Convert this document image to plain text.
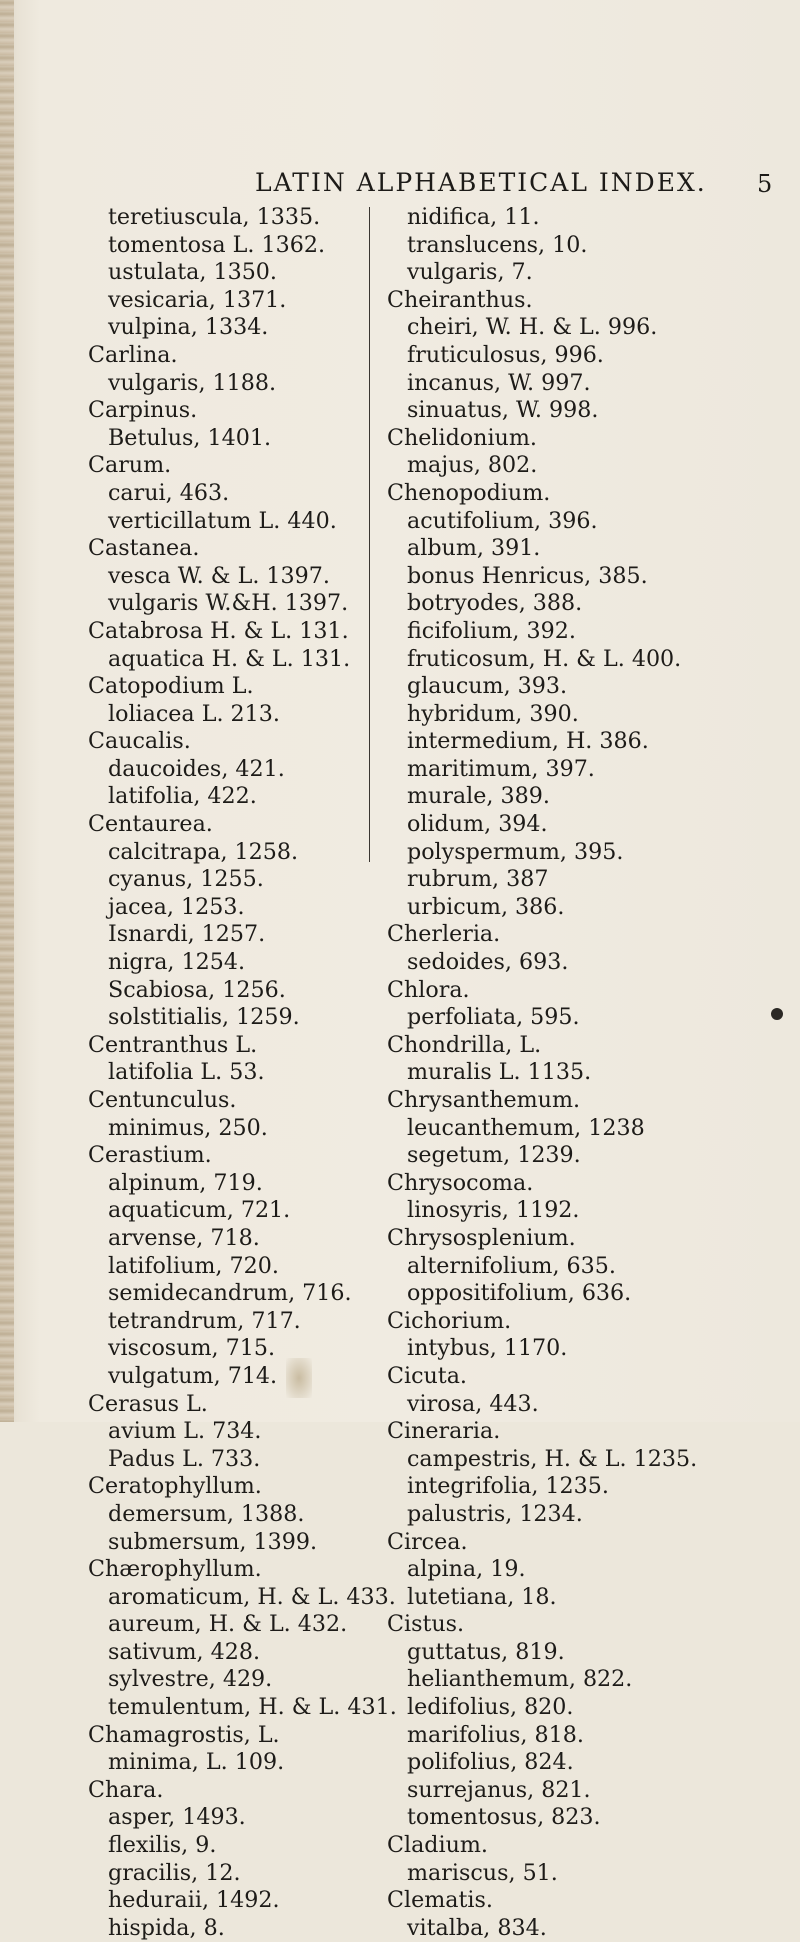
LATIN ALPHABETICAL INDEX. 5
teretiuscula, 1335.
tomentosa L. 1362.
ustulata, 1350.
vesicaria, 1371.
vulpina, 1334.
Carlina.
vulgaris, 1188.
Carpinus.
Betulus, 1401.
Carum.
carui, 463.
verticillatum L. 440.
Castanea.
vesca W. & L. 1397.
vulgaris W.&H. 1397.
Catabrosa H. & L. 131.
aquatica H. & L. 131.
Catopodium L.
loliacea L. 213.
Caucalis.
daucoides, 421.
latifolia, 422.
Centaurea.
calcitrapa, 1258.
cyanus, 1255.
jacea, 1253.
Isnardi, 1257.
nigra, 1254.
Scabiosa, 1256.
solstitialis, 1259.
Centranthus L.
latifolia L. 53.
Centunculus.
minimus, 250.
Cerastium.
alpinum, 719.
aquaticum, 721.
arvense, 718.
latifolium, 720.
semidecandrum, 716.
tetrandrum, 717.
viscosum, 715.
vulgatum, 714.
Cerasus L.
avium L. 734.
Padus L. 733.
Ceratophyllum.
demersum, 1388.
submersum, 1399.
Chærophyllum.
aromaticum, H. & L. 433.
aureum, H. & L. 432.
sativum, 428.
sylvestre, 429.
temulentum, H. & L. 431.
Chamagrostis, L.
minima, L. 109.
Chara.
asper, 1493.
flexilis, 9.
gracilis, 12.
heduraii, 1492.
hispida, 8.
nidifica, 11.
translucens, 10.
vulgaris, 7.
Cheiranthus.
cheiri, W. H. & L. 996.
fruticulosus, 996.
incanus, W. 997.
sinuatus, W. 998.
Chelidonium.
majus, 802.
Chenopodium.
acutifolium, 396.
album, 391.
bonus Henricus, 385.
botryodes, 388.
ficifolium, 392.
fruticosum, H. & L. 400.
glaucum, 393.
hybridum, 390.
intermedium, H. 386.
maritimum, 397.
murale, 389.
olidum, 394.
polyspermum, 395.
rubrum, 387
urbicum, 386.
Cherleria.
sedoides, 693.
Chlora.
perfoliata, 595.
Chondrilla, L.
muralis L. 1135.
Chrysanthemum.
leucanthemum, 1238
segetum, 1239.
Chrysocoma.
linosyris, 1192.
Chrysosplenium.
alternifolium, 635.
oppositifolium, 636.
Cichorium.
intybus, 1170.
Cicuta.
virosa, 443.
Cineraria.
campestris, H. & L. 1235.
integrifolia, 1235.
palustris, 1234.
Circea.
alpina, 19.
lutetiana, 18.
Cistus.
guttatus, 819.
helianthemum, 822.
ledifolius, 820.
marifolius, 818.
polifolius, 824.
surrejanus, 821.
tomentosus, 823.
Cladium.
mariscus, 51.
Clematis.
vitalba, 834.
